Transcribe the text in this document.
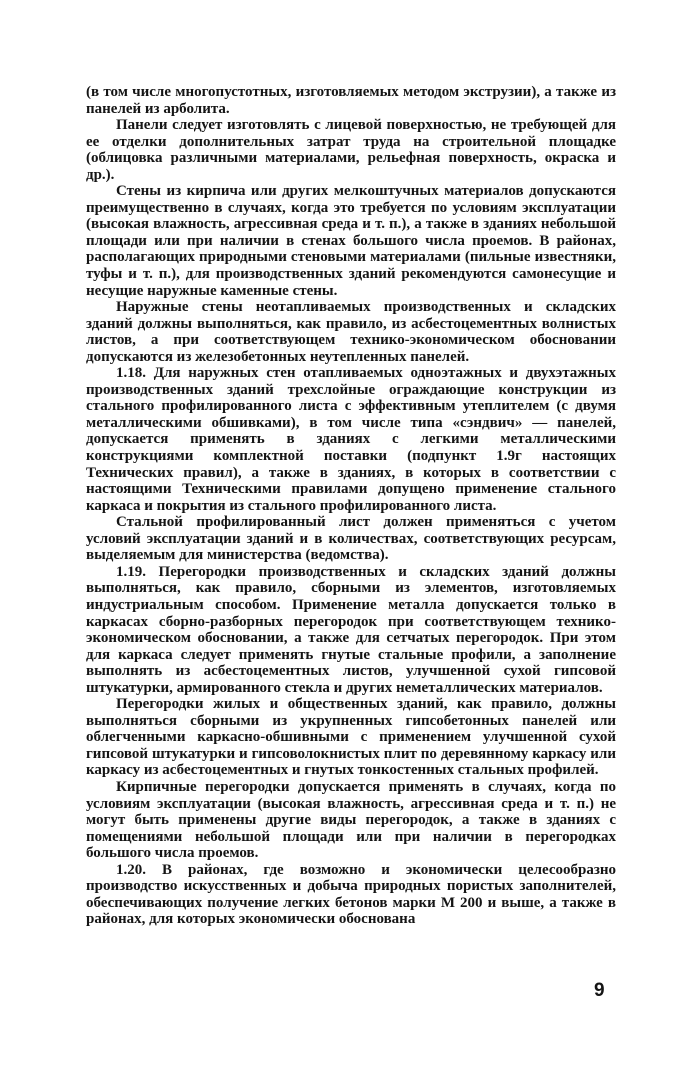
(в том числе многопустотных, изготовляемых методом экструзии), а также из панелей из арболита.

Панели следует изготовлять с лицевой поверхностью, не требующей для ее отделки дополнительных затрат труда на строительной площадке (облицовка различными материалами, рельефная поверхность, окраска и др.).

Стены из кирпича или других мелкоштучных материалов допускаются преимущественно в случаях, когда это требуется по условиям эксплуатации (высокая влажность, агрессивная среда и т. п.), а также в зданиях небольшой площади или при наличии в стенах большого числа проемов. В районах, располагающих природными стеновыми материалами (пильные известняки, туфы и т. п.), для производственных зданий рекомендуются самонесущие и несущие наружные каменные стены.

Наружные стены неотапливаемых производственных и складских зданий должны выполняться, как правило, из асбестоцементных волнистых листов, а при соответствующем технико-экономическом обосновании допускаются из железобетонных неутепленных панелей.

1.18. Для наружных стен отапливаемых одноэтажных и двухэтажных производственных зданий трехслойные ограждающие конструкции из стального профилированного листа с эффективным утеплителем (с двумя металлическими обшивками), в том числе типа «сэндвич» — панелей, допускается применять в зданиях с легкими металлическими конструкциями комплектной поставки (подпункт 1.9г настоящих Технических правил), а также в зданиях, в которых в соответствии с настоящими Техническими правилами допущено применение стального каркаса и покрытия из стального профилированного листа.

Стальной профилированный лист должен применяться с учетом условий эксплуатации зданий и в количествах, соответствующих ресурсам, выделяемым для министерства (ведомства).

1.19. Перегородки производственных и складских зданий должны выполняться, как правило, сборными из элементов, изготовляемых индустриальным способом. Применение металла допускается только в каркасах сборно-разборных перегородок при соответствующем технико-экономическом обосновании, а также для сетчатых перегородок. При этом для каркаса следует применять гнутые стальные профили, а заполнение выполнять из асбестоцементных листов, улучшенной сухой гипсовой штукатурки, армированного стекла и других неметаллических материалов.

Перегородки жилых и общественных зданий, как правило, должны выполняться сборными из укрупненных гипсобетонных панелей или облегченными каркасно-обшивными с применением улучшенной сухой гипсовой штукатурки и гипсоволокнистых плит по деревянному каркасу или каркасу из асбестоцементных и гнутых тонкостенных стальных профилей.

Кирпичные перегородки допускается применять в случаях, когда по условиям эксплуатации (высокая влажность, агрессивная среда и т. п.) не могут быть применены другие виды перегородок, а также в зданиях с помещениями небольшой площади или при наличии в перегородках большого числа проемов.

1.20. В районах, где возможно и экономически целесообразно производство искусственных и добыча природных пористых заполнителей, обеспечивающих получение легких бетонов марки М 200 и выше, а также в районах, для которых экономически обоснована

9
